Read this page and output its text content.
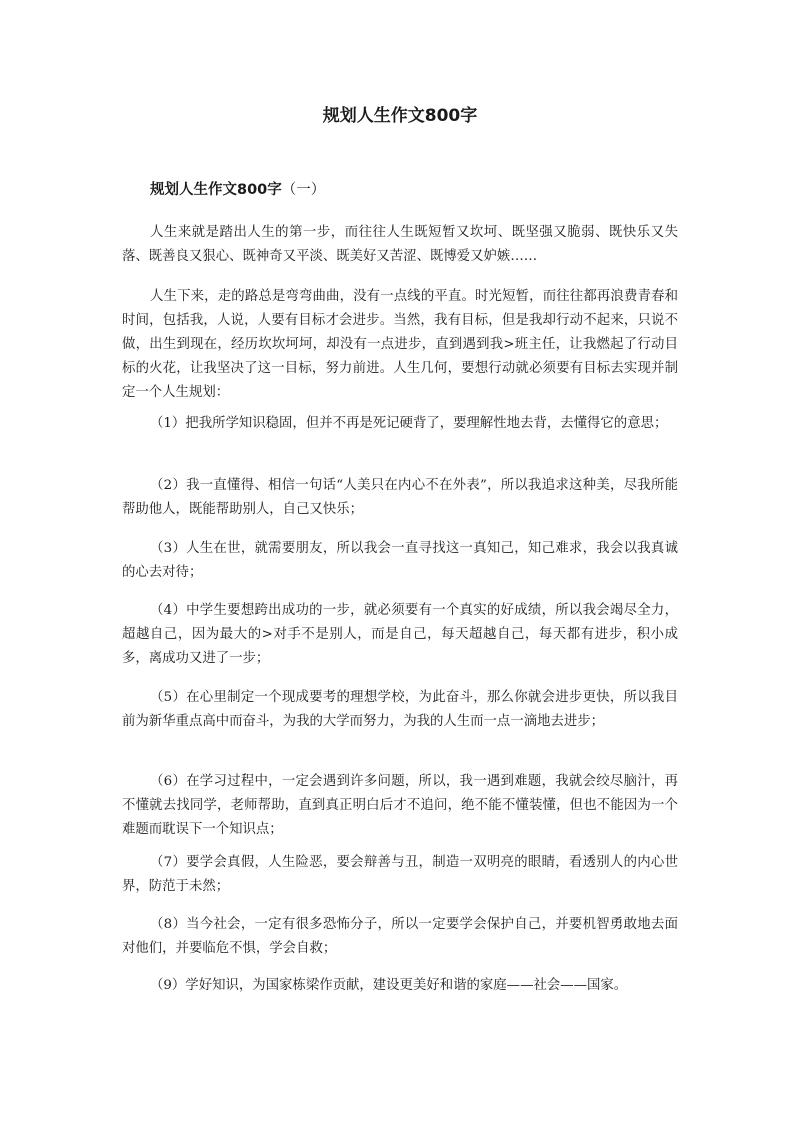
规划人生作文800字
规划人生作文800字（一）

人生来就是踏出人生的第一步，而往往人生既短暂又坎坷、既坚强又脆弱、既快乐又失落、既善良又狠心、既神奇又平淡、既美好又苦涩、既博爱又妒嫉……

人生下来，走的路总是弯弯曲曲，没有一点线的平直。时光短暂，而往往都再浪费青春和时间，包括我，人说，人要有目标才会进步。当然，我有目标，但是我却行动不起来，只说不做，出生到现在，经历坎坎坷坷，却没有一点进步，直到遇到我>班主任，让我燃起了行动目标的火花，让我坚决了这一目标，努力前进。人生几何，要想行动就必须要有目标去实现并制定一个人生规划：

（1）把我所学知识稳固，但并不再是死记硬背了，要理解性地去背，去懂得它的意思；

（2）我一直懂得、相信一句话“人美只在内心不在外表”，所以我追求这种美，尽我所能帮助他人，既能帮助别人，自己又快乐；

（3）人生在世，就需要朋友，所以我会一直寻找这一真知己，知己难求，我会以我真诚的心去对待；

（4）中学生要想跨出成功的一步，就必须要有一个真实的好成绩，所以我会竭尽全力，超越自己，因为最大的>对手不是别人，而是自己，每天超越自己，每天都有进步，积小成多，离成功又进了一步；

（5）在心里制定一个现成要考的理想学校，为此奋斗，那么你就会进步更快，所以我目前为新华重点高中而奋斗，为我的大学而努力，为我的人生而一点一滴地去进步；

（6）在学习过程中，一定会遇到许多问题，所以，我一遇到难题，我就会绞尽脑汁，再不懂就去找同学，老师帮助，直到真正明白后才不追问，绝不能不懂装懂，但也不能因为一个难题而耽误下一个知识点；

（7）要学会真假，人生险恶，要会辩善与丑，制造一双明亮的眼睛，看透别人的内心世界，防范于未然；

（8）当今社会，一定有很多恐怖分子，所以一定要学会保护自己，并要机智勇敢地去面对他们，并要临危不惧，学会自救；

（9）学好知识，为国家栋梁作贡献，建设更美好和谐的家庭——社会——国家。
